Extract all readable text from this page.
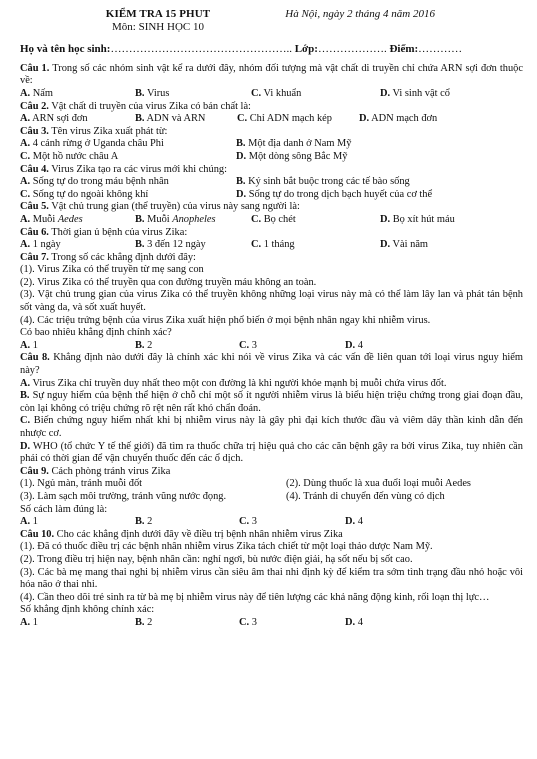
KIỂM TRA 15 PHUT
Môn: SINH HỌC 10
Hà Nội, ngày 2 tháng 4 năm 2016
Họ và tên học sinh:………………………………………….. Lớp:………………. Điểm:…………
Câu 1. Trong số các nhóm sinh vật kể ra dưới đây, nhóm đối tượng mà vật chất di truyền chỉ chứa ARN sợi đơn thuộc về:
A. Nấm	B. Virus	C. Vi khuẩn	D. Vi sinh vật cổ
Câu 2. Vật chất di truyền của virus Zika có bản chất là:
A. ARN sợi đơn	B. ADN và ARN	C. Chỉ ADN mạch kép	D. ADN mạch đơn
Câu 3. Tên virus Zika xuất phát từ:
A. 4 cánh rừng ở Uganda châu Phi	B. Một địa danh ở Nam Mỹ
C. Một hồ nước châu A	D. Một dòng sông Bắc Mỹ
Câu 4. Virus Zika tạo ra các virus mới khi chúng:
A. Sống tự do trong máu bệnh nhân	B. Ký sinh bắt buộc trong các tế bào sống
C. Sống tự do ngoài không khí	D. Sống tự do trong dịch bạch huyết của cơ thể
Câu 5. Vật chủ trung gian (thể truyền) của virus này sang người là:
A. Muỗi Aedes	B. Muỗi Anopheles	C. Bọ chét	D. Bọ xít hút máu
Câu 6. Thời gian ủ bệnh của virus Zika:
A. 1 ngày	B. 3 đến 12 ngày	C. 1 tháng	D. Vài năm
Câu 7. Trong số các khẳng định dưới đây:
(1). Virus Zika có thể truyền từ mẹ sang con
(2). Virus Zika có thể truyền qua con đường truyền máu không an toàn.
(3). Vật chủ trung gian của virus Zika có thể truyền không những loại virus này mà có thể làm lây lan và phát tán bệnh sốt vàng da, và sốt xuất huyết.
(4). Các triệu trứng bệnh của virus Zika xuất hiện phổ biến ở mọi bệnh nhân ngay khi nhiễm virus.
Có bao nhiêu khẳng định chính xác?
A. 1	B. 2	C. 3	D. 4
Câu 8. Khẳng định nào dưới đây là chính xác khi nói về virus Zika và các vấn đề liên quan tới loại virus nguy hiểm này?
A. Virus Zika chỉ truyền duy nhất theo một con đường là khi người khỏe mạnh bị muỗi chứa virus đốt.
B. Sự nguy hiểm của bệnh thể hiện ở chỗ chỉ một số ít người nhiễm virus là biểu hiện triệu chứng trong giai đoạn đầu, còn lại không có triệu chứng rõ rệt nên rất khó chẩn đoán.
C. Biến chứng nguy hiểm nhất khi bị nhiễm virus này là gây phì đại kích thước đầu và viêm dây thần kinh dẫn đến nhược cơ.
D. WHO (tổ chức Y tế thế giới) đã tìm ra thuốc chữa trị hiệu quả cho các căn bệnh gây ra bởi virus Zika, tuy nhiên cần phải có thời gian để vận chuyển thuốc đến các ổ dịch.
Câu 9. Cách phòng tránh virus Zika
(1). Ngủ màn, tránh muỗi đốt	(2). Dùng thuốc là xua đuổi loại muỗi Aedes
(3). Làm sạch môi trường, tránh vũng nước đọng.	(4). Tránh di chuyển đến vùng có dịch
Số cách làm đúng là:
A. 1	B. 2	C. 3	D. 4
Câu 10. Cho các khẳng định dưới đây về điều trị bệnh nhân nhiễm virus Zika
(1). Đã có thuốc điều trị các bệnh nhân nhiễm virus Zika tách chiết từ một loại thảo dược Nam Mỹ.
(2). Trong điều trị hiện nay, bệnh nhân cần: nghỉ ngơi, bù nước điện giải, hạ sốt nếu bị sốt cao.
(3). Các bà mẹ mang thai nghi bị nhiễm virus cần siêu âm thai nhi định kỳ để kiểm tra sớm tình trạng đầu nhỏ hoặc vôi hóa não ở thai nhi.
(4). Cần theo dõi trẻ sinh ra từ bà mẹ bị nhiễm virus này để tiên lượng các khả năng động kinh, rối loạn thị lực…
Số khẳng định không chính xác:
A. 1	B. 2	C. 3	D. 4
